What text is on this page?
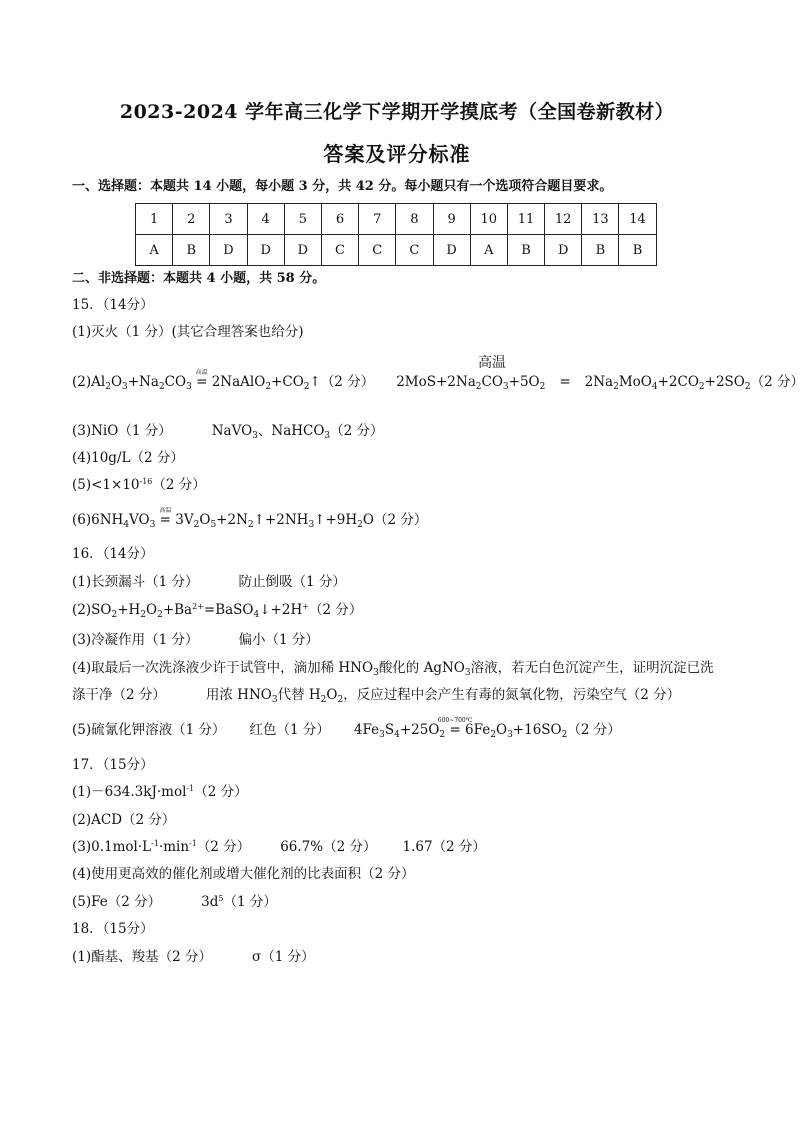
2023-2024 学年高三化学下学期开学摸底考（全国卷新教材）
答案及评分标准
一、选择题：本题共 14 小题，每小题 3 分，共 42 分。每小题只有一个选项符合题目要求。
1	2	3	4	5	6	7	8	9	10	11	12	13	14
A	B	D	D	D	C	C	C	D	A	B	D	B	B
二、非选择题：本题共 4 小题，共 58 分。
15．（14分）
(1)灭火（1 分）(其它合理答案也给分)
高温
$(2)Al_2O_3+Na_2CO_3$
高温
= $2NaAlO_2+CO_2↑(2$ 分） $2MoS+2Na_2CO_3+5O_2 = 2Na_2MoO_4+2CO_2+2SO_2(2$ 分）
(3)NiO（1 分）	NaVO$_3$、NaHCO$_3$（2 分）
(4)10g/L（2 分）
$(5)<1\times 10^{-16}(2$ 分）
$(6)6NH_4VO_3$
高温
= $3V_2O_5+2N_2↑+2NH_3↑+9H_2O(2$ 分）
16．（14分）
(1)长颈漏斗（1 分）	防止倒吸（1 分）
$(2)SO_2+H_2O_2+Ba^{2+}=BaSO_4↓+2H^+(2$ 分）
(3)冷凝作用（1 分）	偏小（1 分）
(4)取最后一次洗涤液少许于试管中，滴加稀 $HNO_3$酸化的 AgNO$_3$溶液，若无白色沉淀产生，证明沉淀已洗
涤干净（2 分）	用浓 $HNO_3$代替 $H_2O_2$，反应过程中会产生有毒的氮氧化物，污染空气（2 分）
(5)硫氰化钾溶液（1 分） 红色（1 分） $4Fe_3S_4+25O_2$
600~700℃
= $6Fe_2O_3+16SO_2(2$ 分）
17．（15分）
(1)－634.3kJ·mol$^{-1}$（2 分）
(2)ACD（2 分）
$(3)0.1mol\cdot L^{-1}\cdot\min^{-1}(2$ 分） 66.7%（2 分） 1.67（2 分）
(4)使用更高效的催化剂或增大催化剂的比表面积（2 分）
(5)Fe（2 分）	$3d^5(1$ 分）
18．（15分）
(1)酯基、羧基（2 分）	σ（1 分）
